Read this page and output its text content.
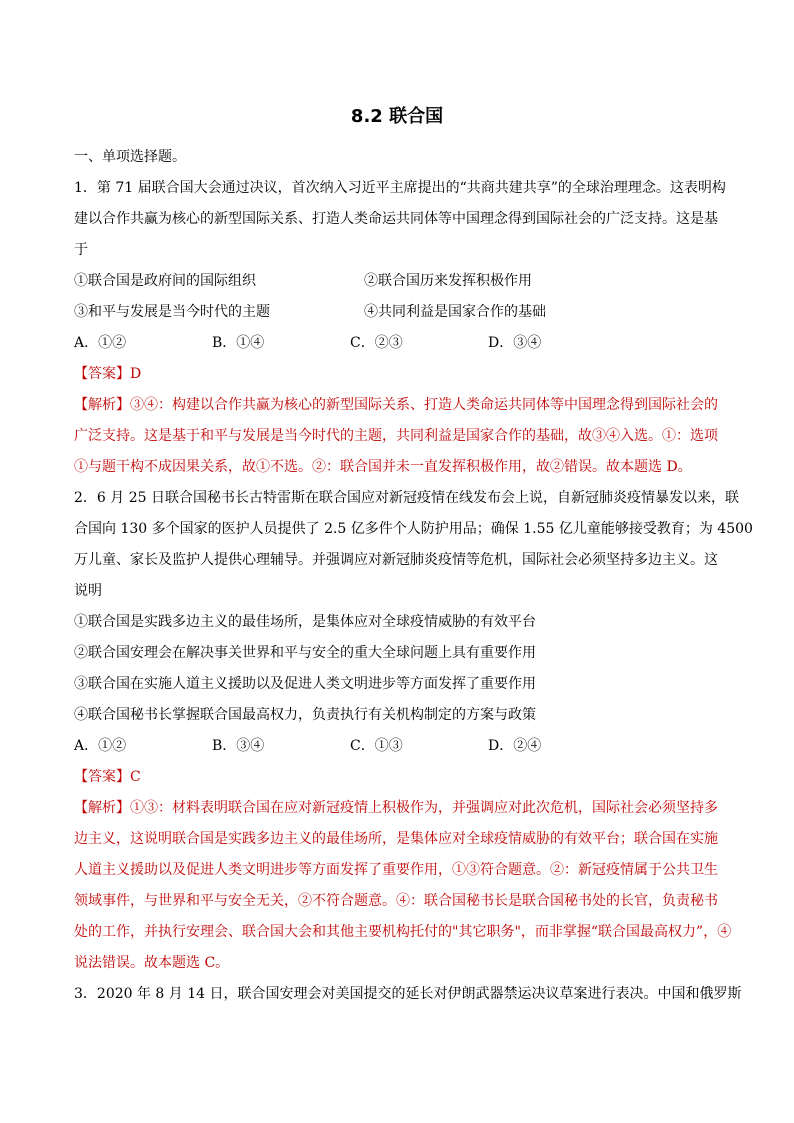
8.2 联合国
一、单项选择题。
1．第 71 届联合国大会通过决议，首次纳入习近平主席提出的“共商共建共享”的全球治理理念。这表明构
建以合作共赢为核心的新型国际关系、打造人类命运共同体等中国理念得到国际社会的广泛支持。这是基
于
①联合国是政府间的国际组织	②联合国历来发挥积极作用
③和平与发展是当今时代的主题	④共同利益是国家合作的基础
A．①②	B．①④	C．②③	D．③④
【答案】D
【解析】③④：构建以合作共赢为核心的新型国际关系、打造人类命运共同体等中国理念得到国际社会的
广泛支持。这是基于和平与发展是当今时代的主题，共同利益是国家合作的基础，故③④入选。①：选项
①与题干构不成因果关系，故①不选。②：联合国并未一直发挥积极作用，故②错误。故本题选 D。
2．6 月 25 日联合国秘书长古特雷斯在联合国应对新冠疫情在线发布会上说，自新冠肺炎疫情暴发以来，联
合国向 130 多个国家的医护人员提供了 2.5 亿多件个人防护用品；确保 1.55 亿儿童能够接受教育；为 4500
万儿童、家长及监护人提供心理辅导。并强调应对新冠肺炎疫情等危机，国际社会必须坚持多边主义。这
说明
①联合国是实践多边主义的最佳场所，是集体应对全球疫情威胁的有效平台
②联合国安理会在解决事关世界和平与安全的重大全球问题上具有重要作用
③联合国在实施人道主义援助以及促进人类文明进步等方面发挥了重要作用
④联合国秘书长掌握联合国最高权力，负责执行有关机构制定的方案与政策
A．①②	B．③④	C．①③	D．②④
【答案】C
【解析】①③：材料表明联合国在应对新冠疫情上积极作为，并强调应对此次危机，国际社会必须坚持多
边主义，这说明联合国是实践多边主义的最佳场所，是集体应对全球疫情威胁的有效平台；联合国在实施
人道主义援助以及促进人类文明进步等方面发挥了重要作用，①③符合题意。②：新冠疫情属于公共卫生
领域事件，与世界和平与安全无关，②不符合题意。④：联合国秘书长是联合国秘书处的长官，负责秘书
处的工作，并执行安理会、联合国大会和其他主要机构托付的"其它职务"，而非掌握“联合国最高权力”，④
说法错误。故本题选 C。
3．2020 年 8 月 14 日，联合国安理会对美国提交的延长对伊朗武器禁运决议草案进行表决。中国和俄罗斯
